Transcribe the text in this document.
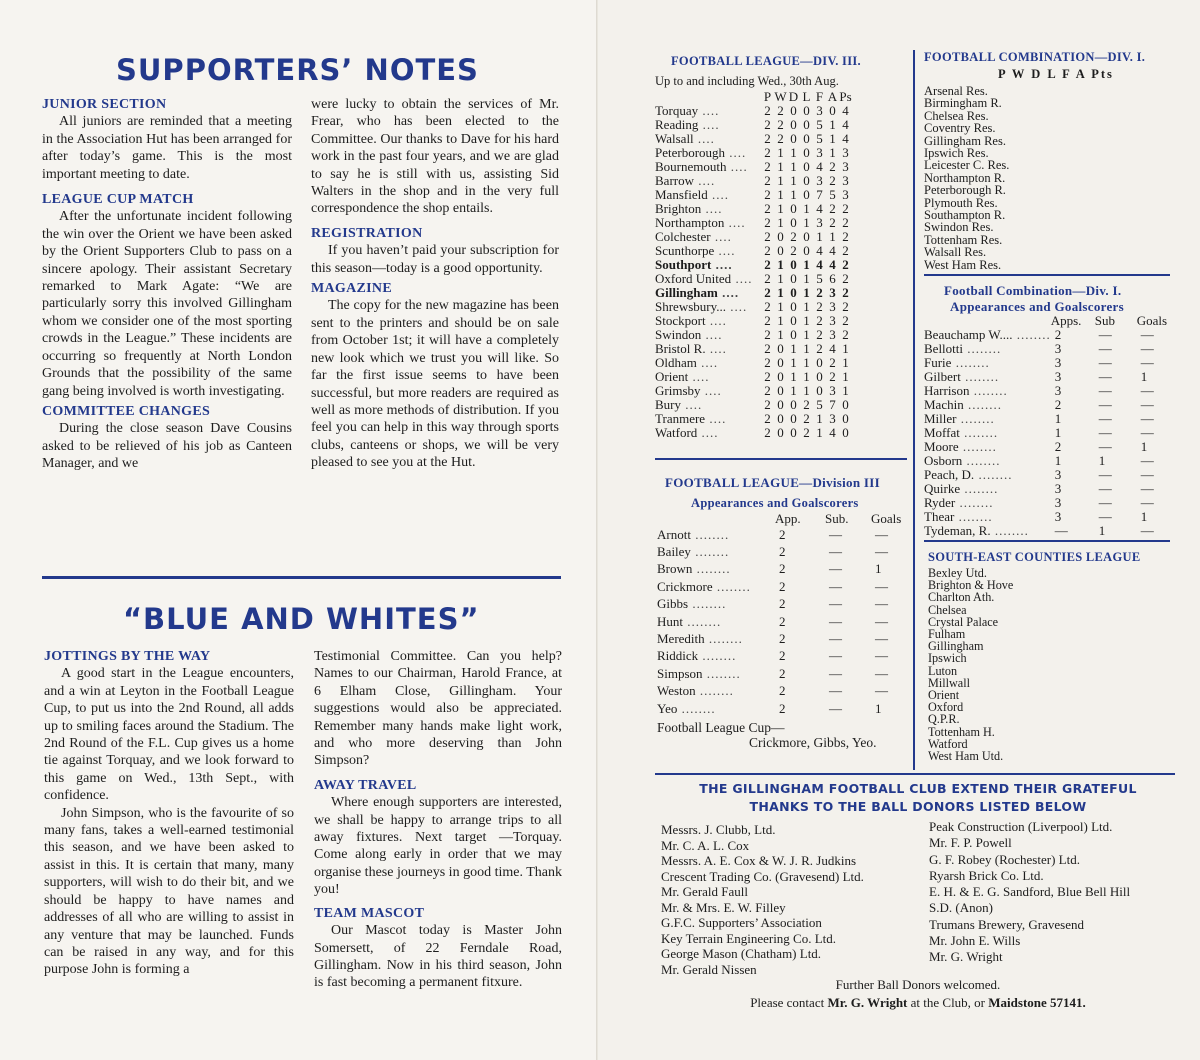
SUPPORTERS’ NOTES
JUNIOR SECTION

All juniors are reminded that a meeting in the Association Hut has been arranged for after today’s game. This is the most important meeting to date.

LEAGUE CUP MATCH

After the unfortunate incident following the win over the Orient we have been asked by the Orient Supporters Club to pass on a sincere apology. Their assistant Secretary remarked to Mark Agate: “We are particularly sorry this involved Gillingham whom we consider one of the most sporting crowds in the League.” These incidents are occurring so frequently at North London Grounds that the possibility of the same gang being involved is worth investigating.

COMMITTEE CHANGES

During the close season Dave Cousins asked to be relieved of his job as Canteen Manager, and we

were lucky to obtain the services of Mr. Frear, who has been elected to the Committee. Our thanks to Dave for his hard work in the past four years, and we are glad to say he is still with us, assisting Sid Walters in the shop and in the very full correspondence the shop entails.

REGISTRATION

If you haven’t paid your subscription for this season—today is a good opportunity.

MAGAZINE

The copy for the new magazine has been sent to the printers and should be on sale from October 1st; it will have a completely new look which we trust you will like. So far the first issue seems to have been successful, but more readers are required as well as more methods of distribution. If you feel you can help in this way through sports clubs, canteens or shops, we will be very pleased to see you at the Hut.

“BLUE AND WHITES”
JOTTINGS BY THE WAY

A good start in the League encounters, and a win at Leyton in the Football League Cup, to put us into the 2nd Round, all adds up to smiling faces around the Stadium. The 2nd Round of the F.L. Cup gives us a home tie against Torquay, and we look forward to this game on Wed., 13th Sept., with confidence.

John Simpson, who is the favourite of so many fans, takes a well-earned testimonial this season, and we have been asked to assist in this. It is certain that many, many supporters, will wish to do their bit, and we should be happy to have names and addresses of all who are willing to assist in any venture that may be launched. Funds can be raised in any way, and for this purpose John is forming a

Testimonial Committee. Can you help? Names to our Chairman, Harold France, at 6 Elham Close, Gillingham. Your suggestions would also be appreciated. Remember many hands make light work, and who more deserving than John Simpson?

AWAY TRAVEL

Where enough supporters are interested, we shall be happy to arrange trips to all away fixtures. Next target —Torquay. Come along early in order that we may organise these journeys in good time. Thank you!

TEAM MASCOT

Our Mascot today is Master John Somersett, of 22 Ferndale Road, Gillingham. Now in his third season, John is fast becoming a permanent fitxure.

FOOTBALL LEAGUE—DIV. III.
Up to and including Wed., 30th Aug.
	P	W	D	L	F	A	Ps
Torquay ....	2	2	0	0	3	0	4
Reading ....	2	2	0	0	5	1	4
Walsall ....	2	2	0	0	5	1	4
Peterborough ....	2	1	1	0	3	1	3
Bournemouth ....	2	1	1	0	4	2	3
Barrow ....	2	1	1	0	3	2	3
Mansfield ....	2	1	1	0	7	5	3
Brighton ....	2	1	0	1	4	2	2
Northampton ....	2	1	0	1	3	2	2
Colchester ....	2	0	2	0	1	1	2
Scunthorpe ....	2	0	2	0	4	4	2
Southport ....	2	1	0	1	4	4	2
Oxford United ....	2	1	0	1	5	6	2
Gillingham ....	2	1	0	1	2	3	2
Shrewsbury... ....	2	1	0	1	2	3	2
Stockport ....	2	1	0	1	2	3	2
Swindon ....	2	1	0	1	2	3	2
Bristol R. ....	2	0	1	1	2	4	1
Oldham ....	2	0	1	1	0	2	1
Orient ....	2	0	1	1	0	2	1
Grimsby ....	2	0	1	1	0	3	1
Bury ....	2	0	0	2	5	7	0
Tranmere ....	2	0	0	2	1	3	0
Watford ....	2	0	0	2	1	4	0
FOOTBALL COMBINATION—DIV. I.
P W D L F A Pts
Arsenal Res.
Birmingham R.
Chelsea Res.
Coventry Res.
Gillingham Res.
Ipswich Res.
Leicester C. Res.
Northampton R.
Peterborough R.
Plymouth Res.
Southampton R.
Swindon Res.
Tottenham Res.
Walsall Res.
West Ham Res.
Football Combination—Div. I.
Appearances and Goalscorers
	Apps.	Sub	Goals
Beauchamp W.... ........	2	—	—
Bellotti ........	3	—	—
Furie ........	3	—	—
Gilbert ........	3	—	1
Harrison ........	3	—	—
Machin ........	2	—	—
Miller ........	1	—	—
Moffat ........	1	—	—
Moore ........	2	—	1
Osborn ........	1	1	—
Peach, D. ........	3	—	—
Quirke ........	3	—	—
Ryder ........	3	—	—
Thear ........	3	—	1
Tydeman, R. ........	—	1	—
FOOTBALL LEAGUE—Division III
Appearances and Goalscorers
	App.	Sub.	Goals
Arnott ........	2	—	—
Bailey ........	2	—	—
Brown ........	2	—	1
Crickmore ........	2	—	—
Gibbs ........	2	—	—
Hunt ........	2	—	—
Meredith ........	2	—	—
Riddick ........	2	—	—
Simpson ........	2	—	—
Weston ........	2	—	—
Yeo ........	2	—	1
Football League Cup—
Crickmore, Gibbs, Yeo.
SOUTH-EAST COUNTIES LEAGUE
Bexley Utd.
Brighton & Hove
Charlton Ath.
Chelsea
Crystal Palace
Fulham
Gillingham
Ipswich
Luton
Millwall
Orient
Oxford
Q.P.R.
Tottenham H.
Watford
West Ham Utd.
THE GILLINGHAM FOOTBALL CLUB EXTEND THEIR GRATEFUL
THANKS TO THE BALL DONORS LISTED BELOW
Messrs. J. Clubb, Ltd.
Mr. C. A. L. Cox
Messrs. A. E. Cox & W. J. R. Judkins
Crescent Trading Co. (Gravesend) Ltd.
Mr. Gerald Faull
Mr. & Mrs. E. W. Filley
G.F.C. Supporters’ Association
Key Terrain Engineering Co. Ltd.
George Mason (Chatham) Ltd.
Mr. Gerald Nissen
Peak Construction (Liverpool) Ltd.
Mr. F. P. Powell
G. F. Robey (Rochester) Ltd.
Ryarsh Brick Co. Ltd.
E. H. & E. G. Sandford, Blue Bell Hill
S.D. (Anon)
Trumans Brewery, Gravesend
Mr. John E. Wills
Mr. G. Wright
Further Ball Donors welcomed.
Please contact Mr. G. Wright at the Club, or Maidstone 57141.
